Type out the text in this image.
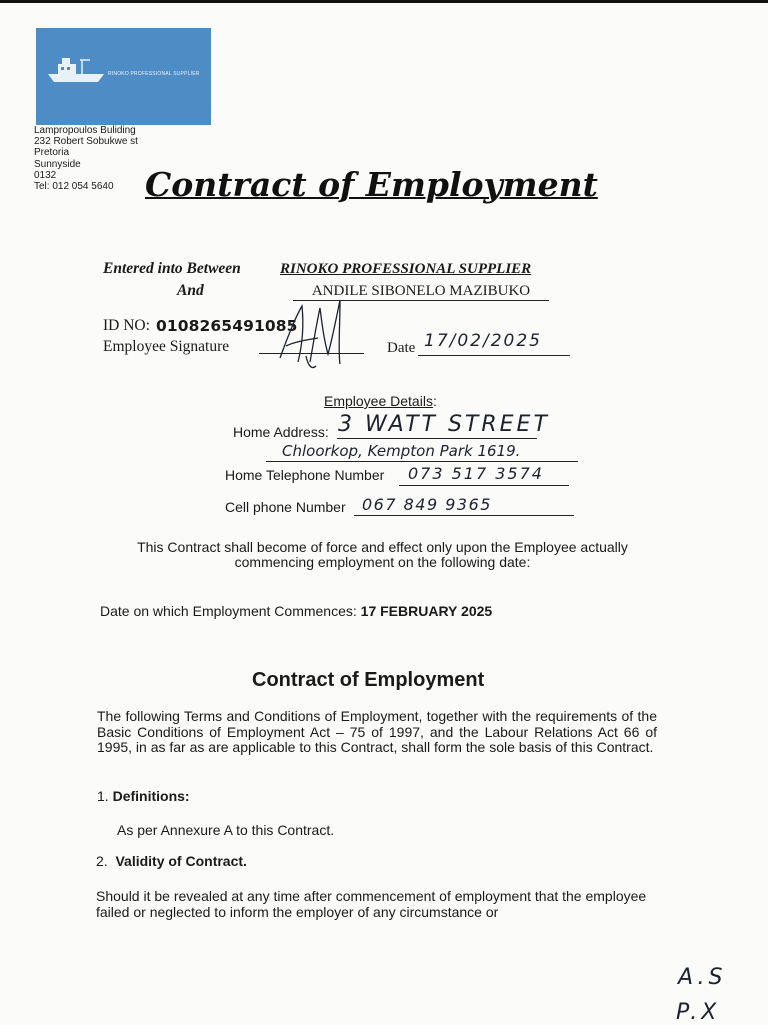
RINOKO PROFESSIONAL SUPPLIER
Lampropoulos Buliding
232 Robert Sobukwe st
Pretoria
Sunnyside
0132
Tel: 012 054 5640 Contract of Employment
Entered into Between	RINOKO PROFESSIONAL SUPPLIER
And	ANDILE SIBONELO MAZIBUKO
ID NO: 0108265491085
Employee Signature	Date 17/02/2025
Employee Details:
Home Address: 3 WATT STREET
Chloorkop, Kempton Park 1619.
Home Telephone Number 073 517 3574
Cell phone Number 067 849 9365
This Contract shall become of force and effect only upon the Employee actually commencing employment on the following date:
Date on which Employment Commences: 17 FEBRUARY 2025
Contract of Employment
The following Terms and Conditions of Employment, together with the requirements of the Basic Conditions of Employment Act – 75 of 1997, and the Labour Relations Act 66 of 1995, in as far as are applicable to this Contract, shall form the sole basis of this Contract.
1. Definitions:
As per Annexure A to this Contract.
2. Validity of Contract.
Should it be revealed at any time after commencement of employment that the employee failed or neglected to inform the employer of any circumstance or
A.S
P.X
